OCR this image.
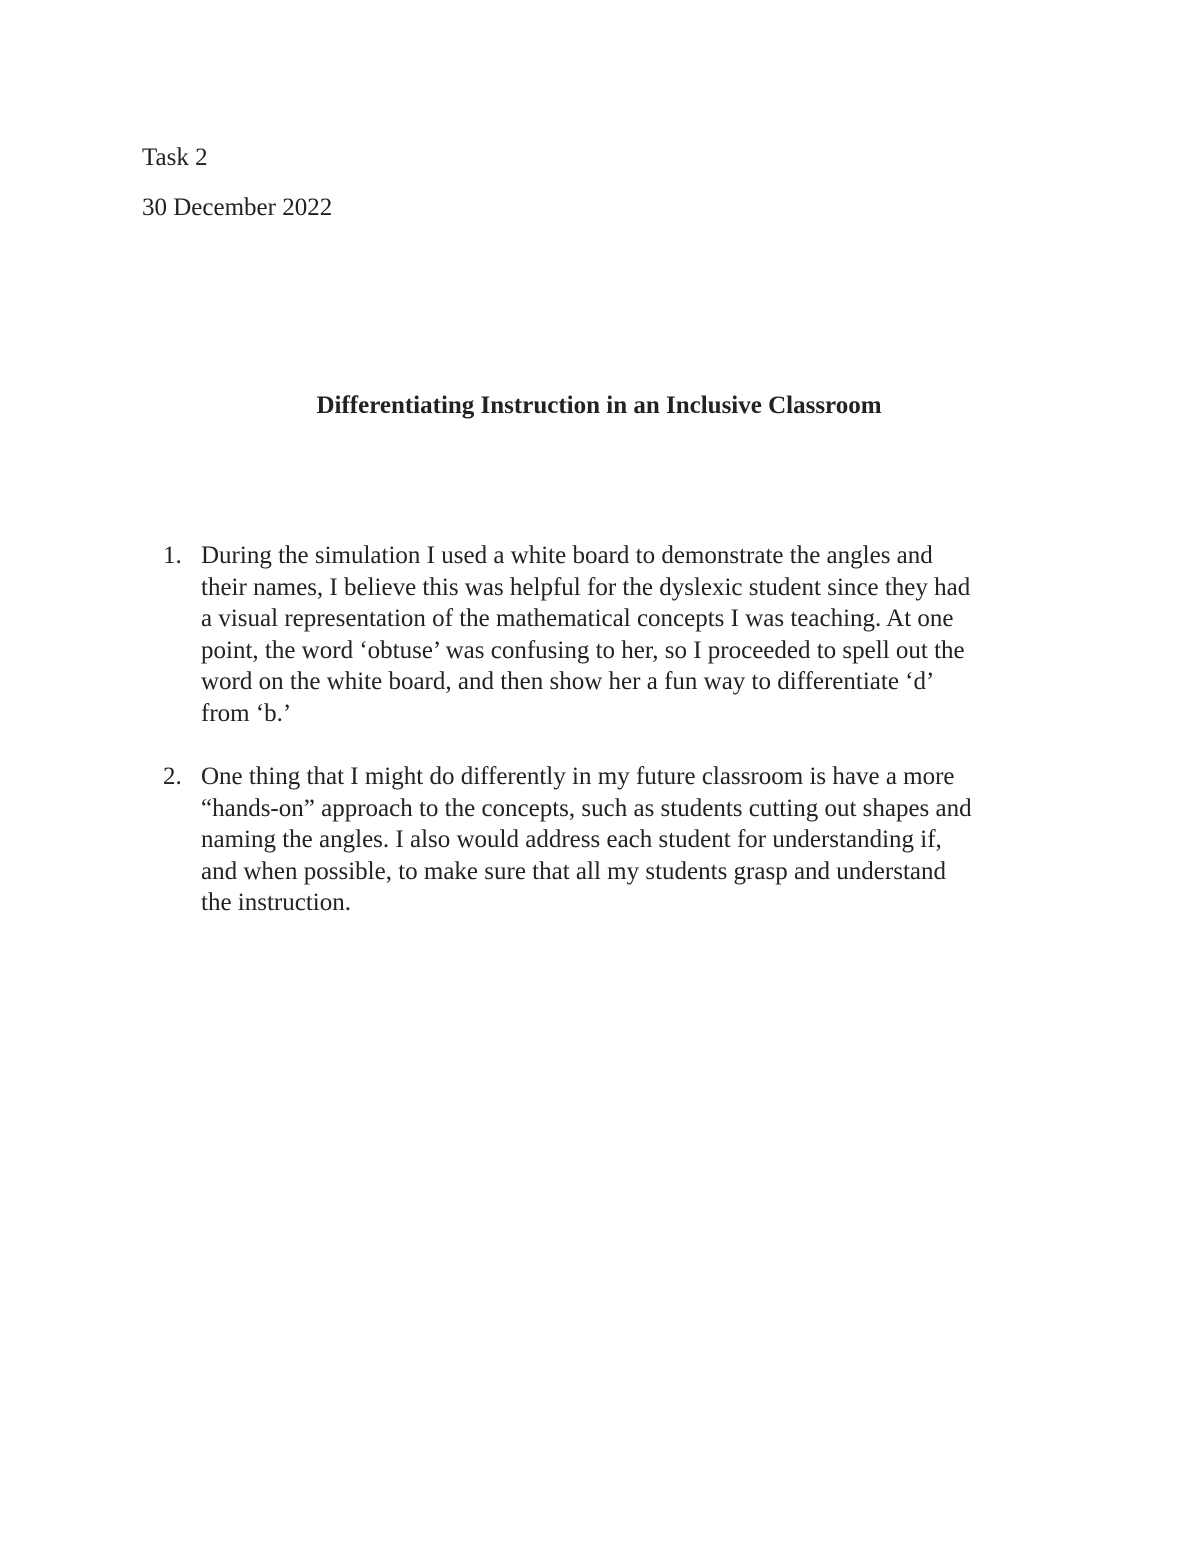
Task 2
30 December 2022
Differentiating Instruction in an Inclusive Classroom
1. During the simulation I used a white board to demonstrate the angles and
their names, I believe this was helpful for the dyslexic student since they had
a visual representation of the mathematical concepts I was teaching. At one
point, the word ‘obtuse’ was confusing to her, so I proceeded to spell out the
word on the white board, and then show her a fun way to differentiate ‘d’
from ‘b.’
2. One thing that I might do differently in my future classroom is have a more
“hands-on” approach to the concepts, such as students cutting out shapes and
naming the angles. I also would address each student for understanding if,
and when possible, to make sure that all my students grasp and understand
the instruction.
